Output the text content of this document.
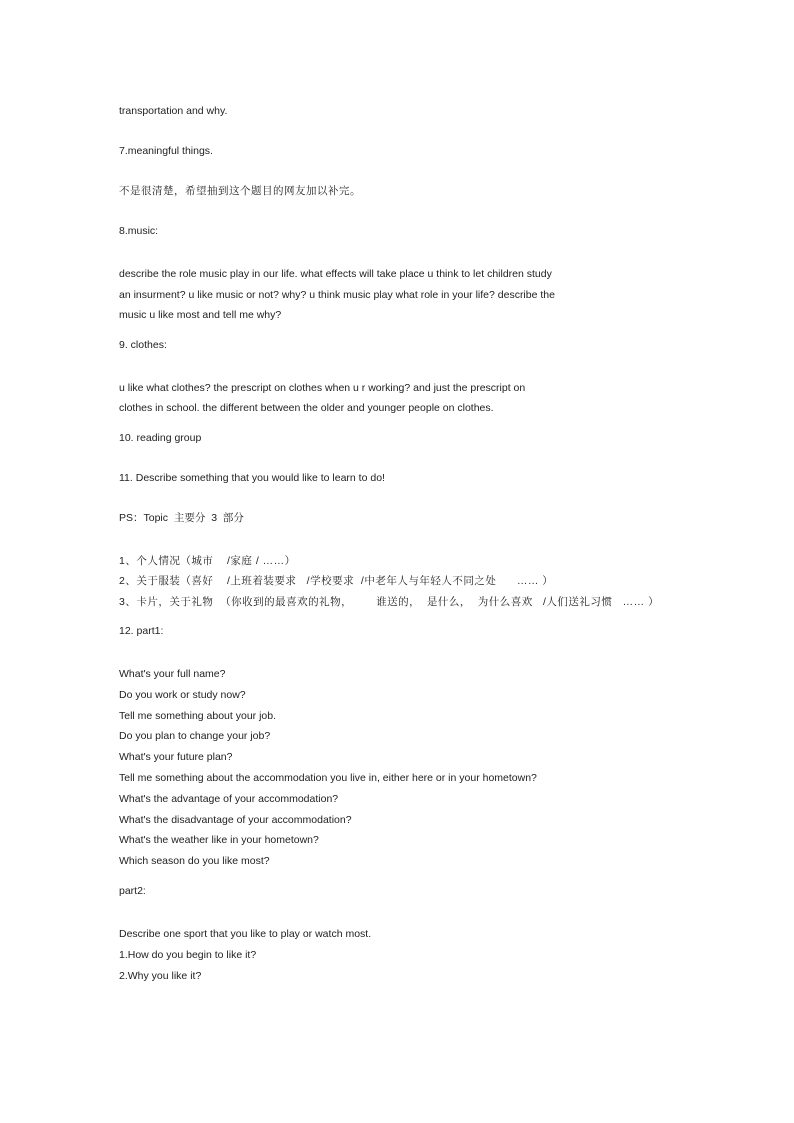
transportation and why.
7.meaningful things.
不是很清楚，希望抽到这个题目的网友加以补完。
8.music:
describe the role music play in our life. what effects will take place u think to let children study
an insurment? u like music or not? why? u think music play what role in your life? describe the
music u like most and tell me why?
9. clothes:
u like what clothes? the prescript on clothes when u r working? and just the prescript on
clothes in school. the different between the older and younger people on clothes.
10. reading group
11. Describe something that you would like to learn to do!
PS：Topic  主要分  3  部分
1、个人情况（城市    /家庭 / ……）
2、关于服装（喜好    /上班着装要求   /学校要求  /中老年人与年轻人不同之处      …… ）
3、卡片，关于礼物  （你收到的最喜欢的礼物，       谁送的，  是什么，  为什么喜欢   /人们送礼习惯   …… ）
12. part1:
What's your full name?
Do you work or study now?
Tell me something about your job.
Do you plan to change your job?
What's your future plan?
Tell me something about the accommodation you live in, either here or in your hometown?
What's the advantage of your accommodation?
What's the disadvantage of your accommodation?
What's the weather like in your hometown?
Which season do you like most?
part2:
Describe one sport that you like to play or watch most.
1.How do you begin to like it?
2.Why you like it?
